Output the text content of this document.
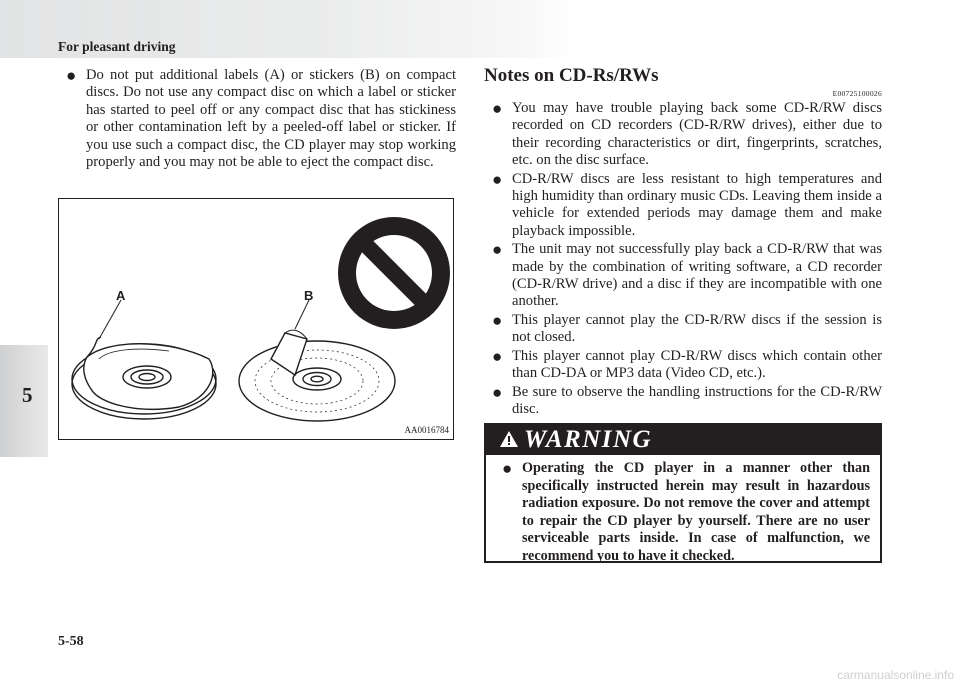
For pleasant driving
5
● Do not put additional labels (A) or stickers (B) on compact discs. Do not use any compact disc on which a label or sticker has started to peel off or any compact disc that has stickiness or other contamination left by a peeled-off label or sticker. If you use such a compact disc, the CD player may stop working properly and you may not be able to eject the compact disc.
A	B
AA0016784
Notes on CD-Rs/RWs
E00725100026
● You may have trouble playing back some CD-R/RW discs recorded on CD recorders (CD-R/RW drives), either due to their recording characteristics or dirt, fingerprints, scratches, etc. on the disc surface.
● CD-R/RW discs are less resistant to high temperatures and high humidity than ordinary music CDs. Leaving them inside a vehicle for extended periods may damage them and make playback impossible.
● The unit may not successfully play back a CD-R/RW that was made by the combination of writing software, a CD recorder (CD-R/RW drive) and a disc if they are incompatible with one another.
● This player cannot play the CD-R/RW discs if the session is not closed.
● This player cannot play CD-R/RW discs which contain other than CD-DA or MP3 data (Video CD, etc.).
● Be sure to observe the handling instructions for the CD-R/RW disc.
WARNING
● Operating the CD player in a manner other than specifically instructed herein may result in hazardous radiation exposure. Do not remove the cover and attempt to repair the CD player by yourself. There are no user serviceable parts inside. In case of malfunction, we recommend you to have it checked.
5-58
carmanualsonline.info
